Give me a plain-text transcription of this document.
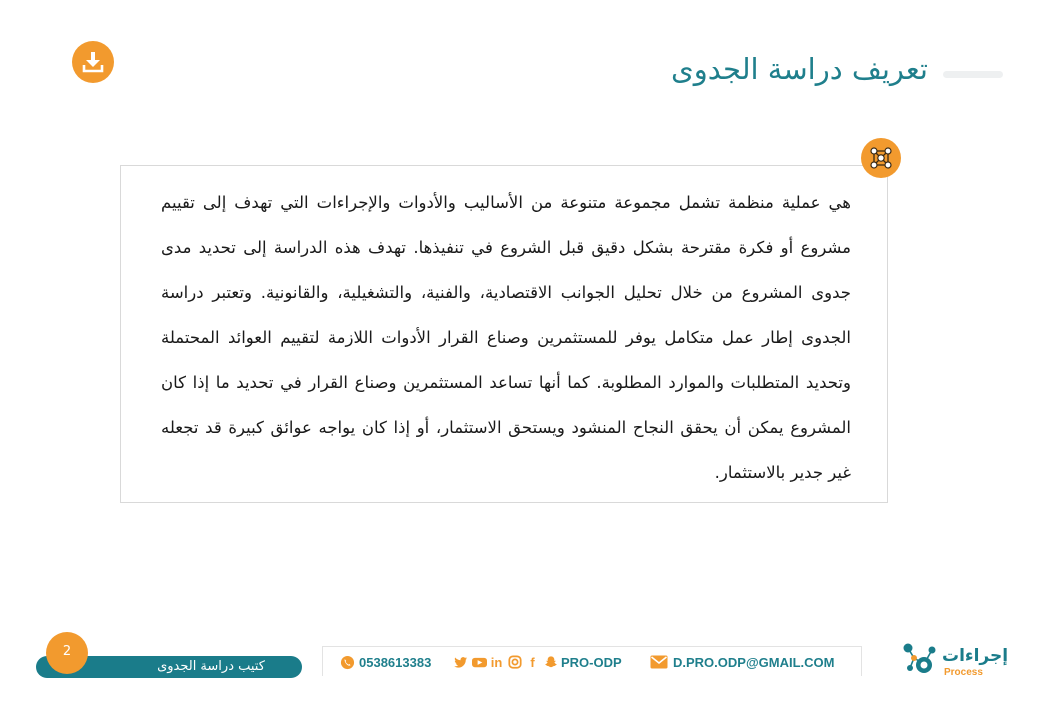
تعريف دراسة الجدوى
هي عملية منظمة تشمل مجموعة متنوعة من الأساليب والأدوات والإجراءات التي تهدف إلى تقييم مشروع أو فكرة مقترحة بشكل دقيق قبل الشروع في تنفيذها. تهدف هذه الدراسة إلى تحديد مدى جدوى المشروع من خلال تحليل الجوانب الاقتصادية، والفنية، والتشغيلية، والقانونية. وتعتبر دراسة الجدوى إطار عمل متكامل يوفر للمستثمرين وصناع القرار الأدوات اللازمة لتقييم العوائد المحتملة وتحديد المتطلبات والموارد المطلوبة. كما أنها تساعد المستثمرين وصناع القرار في تحديد ما إذا كان المشروع يمكن أن يحقق النجاح المنشود ويستحق الاستثمار، أو إذا كان يواجه عوائق كبيرة قد تجعله غير جدير بالاستثمار.
كتيب دراسة الجدوى
2
0538613383	in	f	PRO-ODP	D.PRO.ODP@GMAIL.COM	إجراءات
Process
